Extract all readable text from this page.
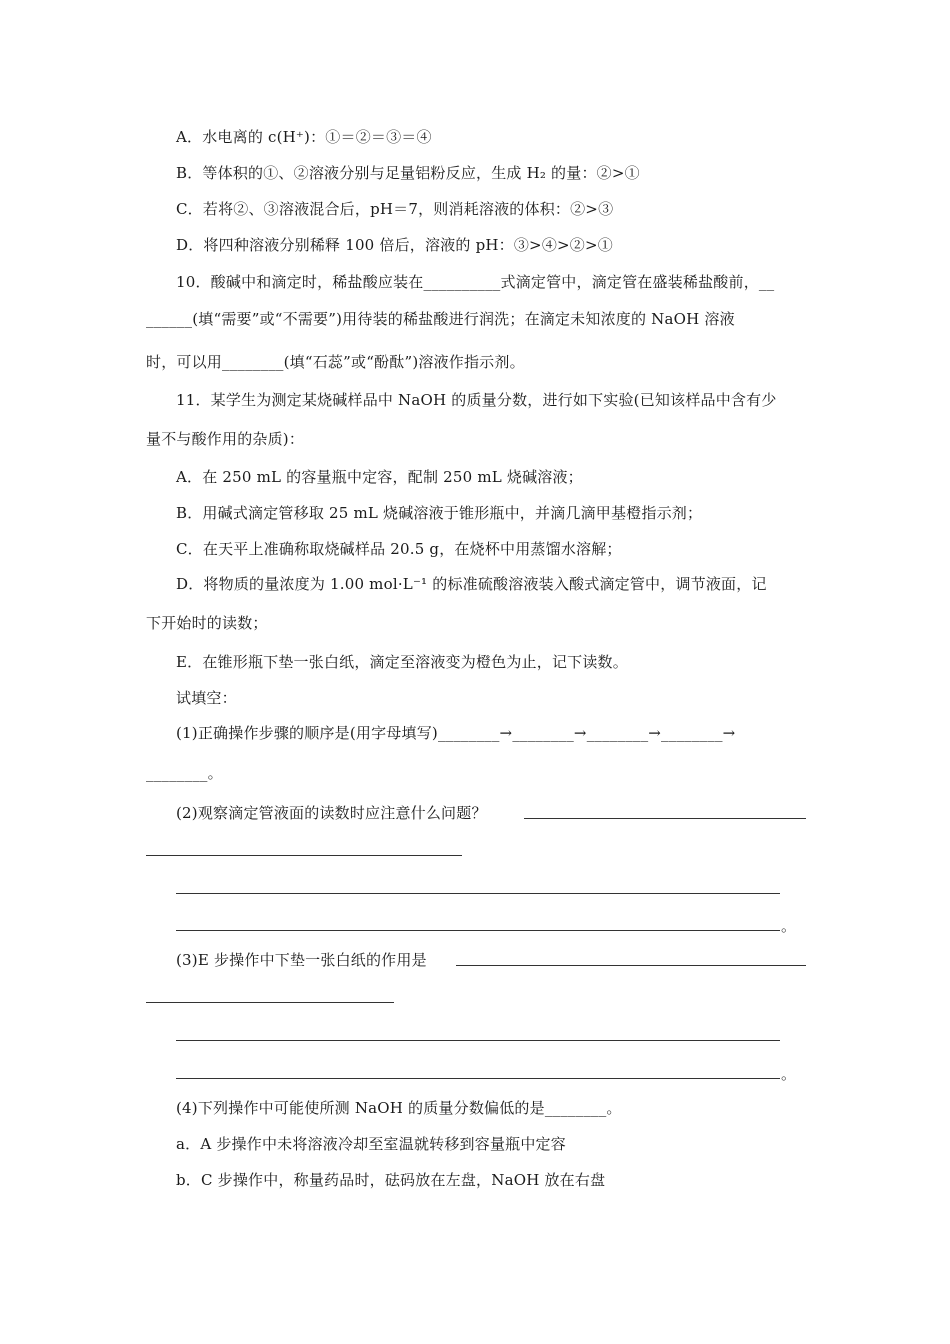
A．水电离的 c(H⁺)：①＝②＝③＝④
B．等体积的①、②溶液分别与足量铝粉反应，生成 H₂ 的量：②>①
C．若将②、③溶液混合后，pH＝7，则消耗溶液的体积：②>③
D．将四种溶液分别稀释 100 倍后，溶液的 pH：③>④>②>①
10．酸碱中和滴定时，稀盐酸应装在__________式滴定管中，滴定管在盛装稀盐酸前，__
______(填“需要”或“不需要”)用待装的稀盐酸进行润洗；在滴定未知浓度的 NaOH 溶液
时，可以用________(填“石蕊”或“酚酞”)溶液作指示剂。
11．某学生为测定某烧碱样品中 NaOH 的质量分数，进行如下实验(已知该样品中含有少
量不与酸作用的杂质)：
A．在 250 mL 的容量瓶中定容，配制 250 mL 烧碱溶液；
B．用碱式滴定管移取 25 mL 烧碱溶液于锥形瓶中，并滴几滴甲基橙指示剂；
C．在天平上准确称取烧碱样品 20.5 g，在烧杯中用蒸馏水溶解；
D．将物质的量浓度为 1.00 mol·L⁻¹ 的标准硫酸溶液装入酸式滴定管中，调节液面，记
下开始时的读数；
E．在锥形瓶下垫一张白纸，滴定至溶液变为橙色为止，记下读数。
试填空：
(1)正确操作步骤的顺序是(用字母填写)________→________→________→________→
________。
(2)观察滴定管液面的读数时应注意什么问题？
。
(3)E 步操作中下垫一张白纸的作用是
。
(4)下列操作中可能使所测 NaOH 的质量分数偏低的是________。
a．A 步操作中未将溶液冷却至室温就转移到容量瓶中定容
b．C 步操作中，称量药品时，砝码放在左盘，NaOH 放在右盘
